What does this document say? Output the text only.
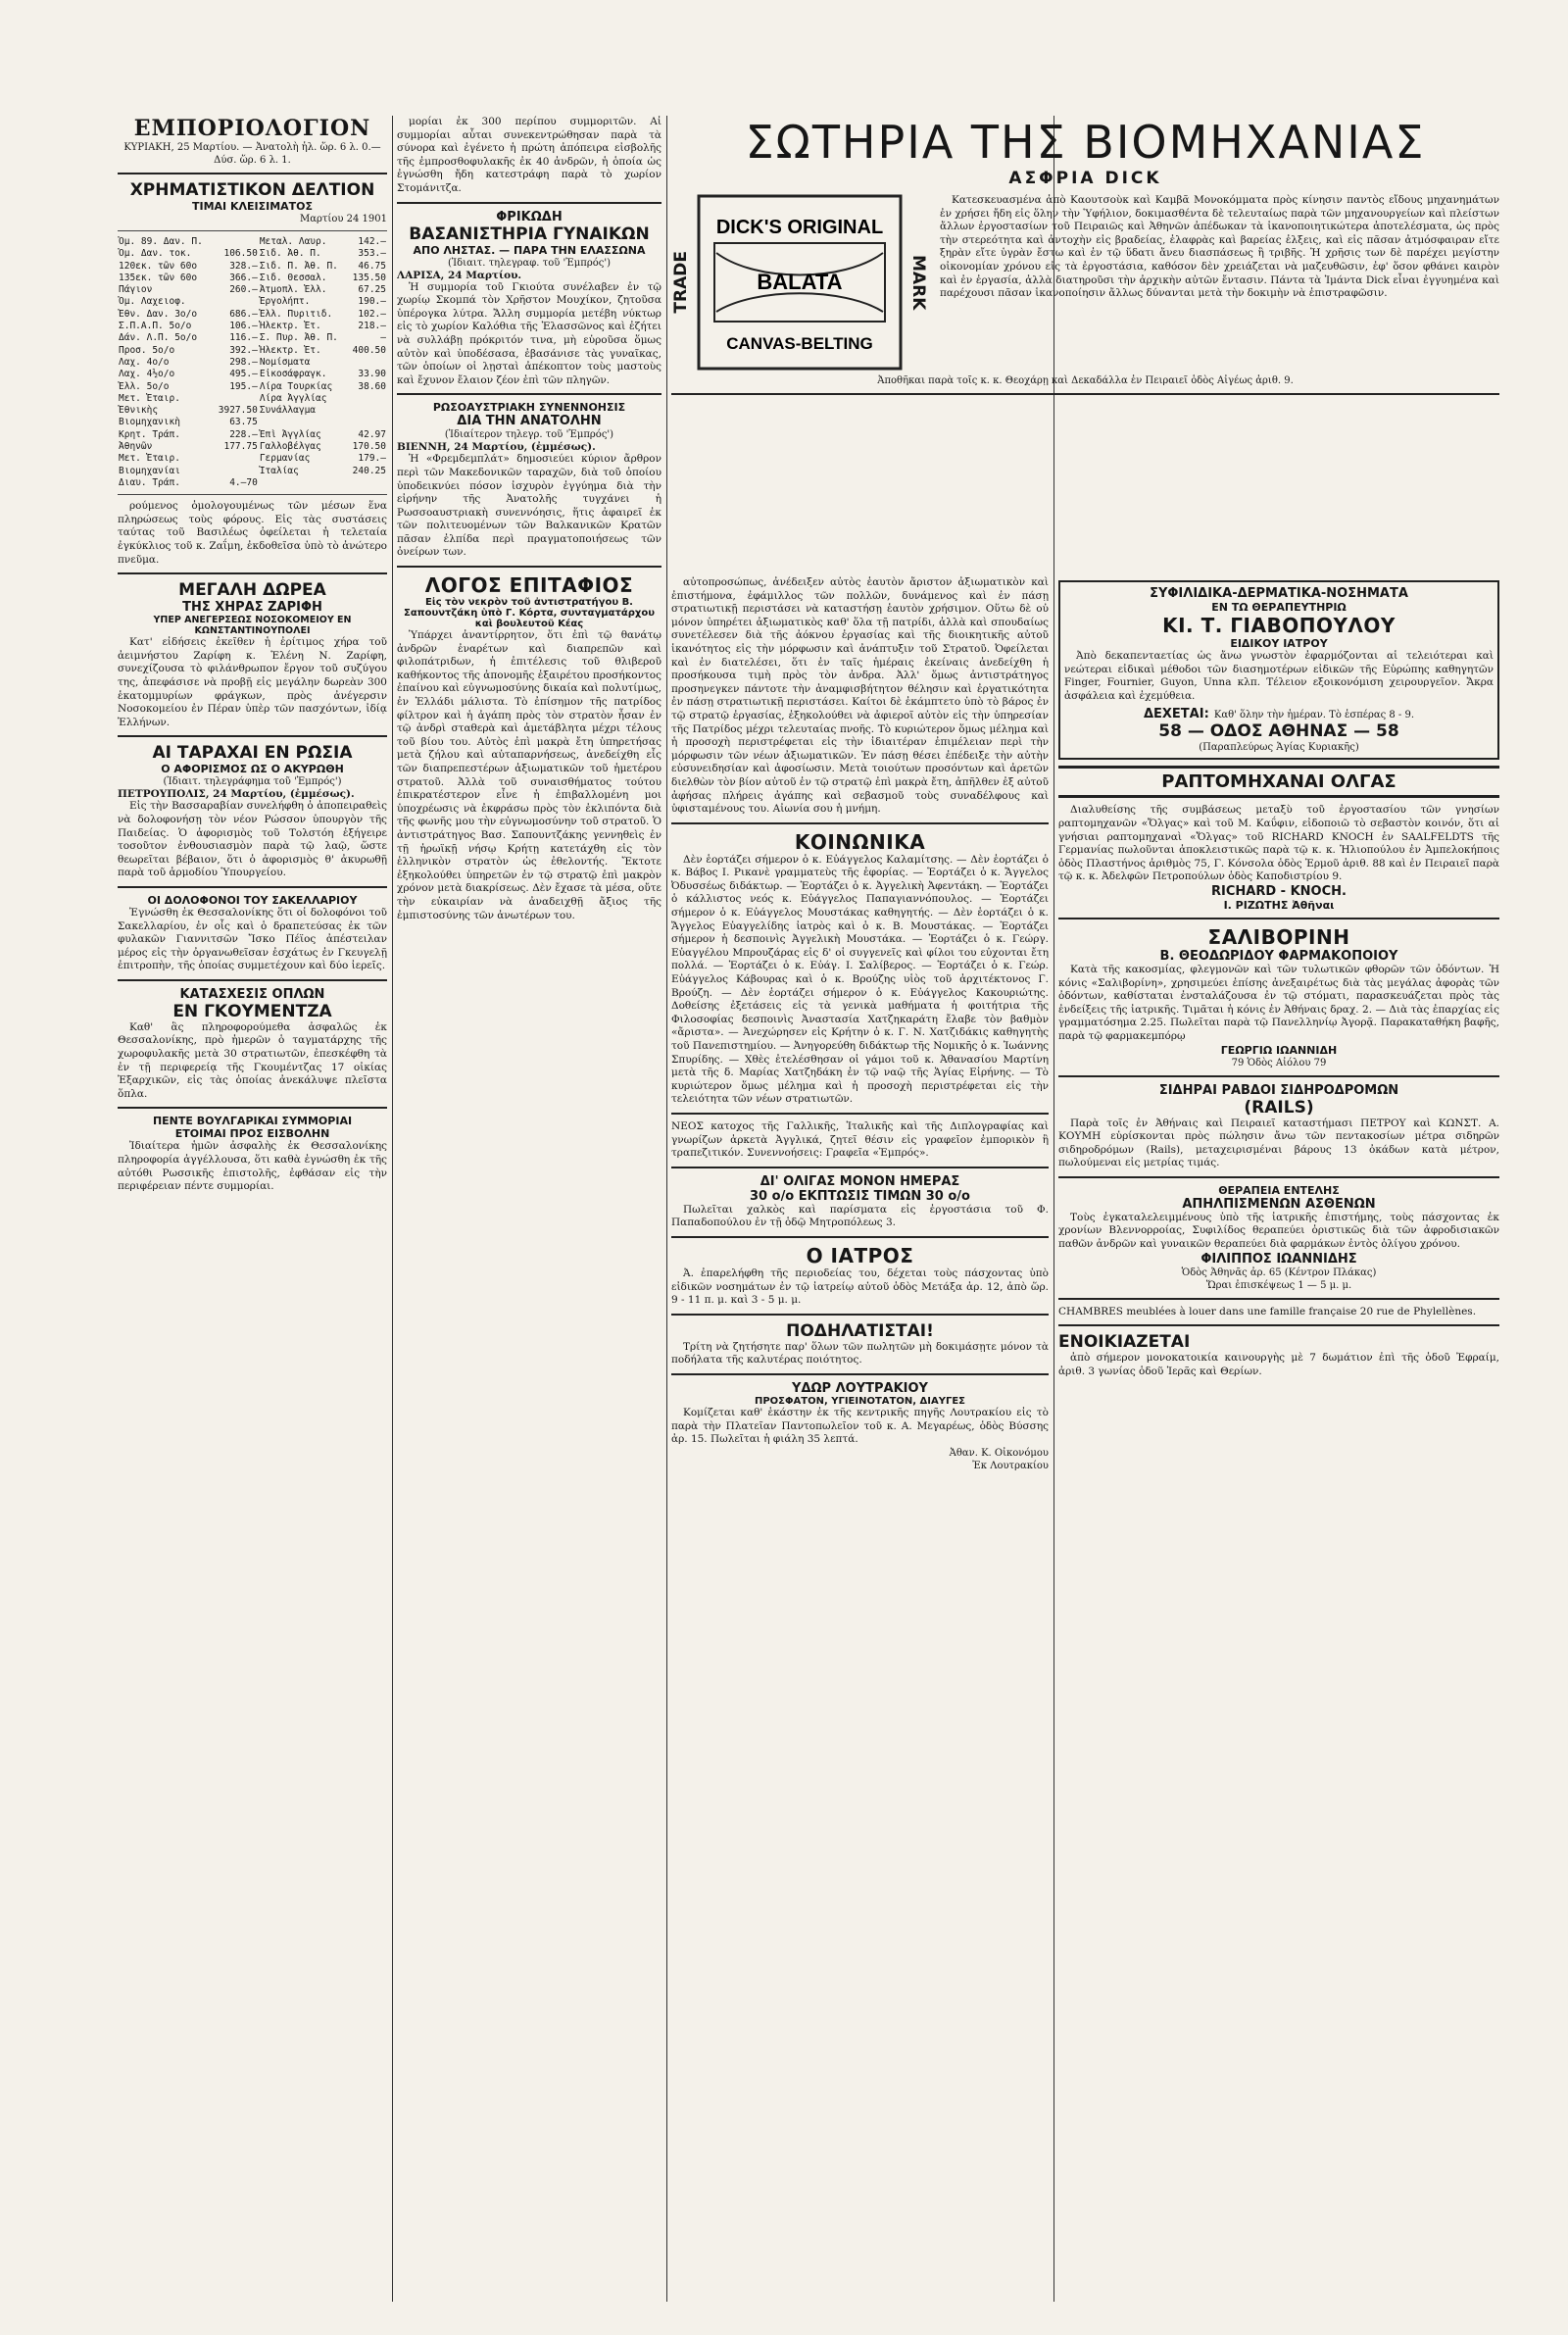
ΕΜΠΟΡΙΟΛΟΓΙΟΝ
ΚΥΡΙΑΚΗ, 25 Μαρτίου. — Ἀνατολὴ ἡλ. ὥρ. 6 λ. 0.—Δύσ. ὥρ. 6 λ. 1.
ΧΡΗΜΑΤΙΣΤΙΚΟΝ ΔΕΛΤΙΟΝ
ΤΙΜΑΙ ΚΛΕΙΣΙΜΑΤΟΣ
Μαρτίου 24 1901
Ὁμ. 89. Δαν. Π.		Μεταλ. Λαυρ.	142.—
Ὁμ. Δαν. τοκ.	106.50	Σιδ. Ἀθ. Π.	353.—
120εκ. τῶν 60ο	328.—	Σιδ. Π. Ἀθ. Π.	46.75
135εκ. τῶν 60ο	366.—	Σιδ. Θεσσαλ.	135.50
Πάγιον	260.—	Ἀτμοπλ. Ἑλλ.	67.25
Ὁμ. Λαχειοφ.		Ἐργολήπτ.	190.—
Ἐθν. Δαν. 3ο/ο	686.—	Ἑλλ. Πυριτιδ.	102.—
Σ.Π.Α.Π. 5ο/ο	106.—	Ἠλεκτρ. Ἑτ.	218.—
Δάν. Λ.Π. 5ο/ο	116.—	Σ. Πυρ. Ἀθ. Π.	—
Προσ. 5ο/ο	392.—	Ἠλεκτρ. Ἑτ.	400.50
Λαχ. 4ο/ο	298.—	Νομίσματα	
Λαχ. 4½ο/ο	495.—	Εἰκοσάφραγκ.	33.90
Ἐλλ. 5ο/ο	195.—	Λίρα Τουρκίας	38.60
Μετ. Ἑταιρ.		Λίρα Ἀγγλίας	
Ἐθνικὴς	3927.50	Συνάλλαγμα	
Βιομηχανικὴ	63.75		
Κρητ. Τράπ.	228.—	Ἐπὶ Ἀγγλίας	42.97
Ἀθηνῶν	177.75	Γαλλοβέλγας	170.50
Μετ. Ἑταιρ.		Γερμανίας	179.—
Βιομηχανίαι		Ἰταλίας	240.25
Διαυ. Τράπ.	4.—70		

ρούμενος ὁμολογουμένως τῶν μέσων ἕνα πληρώσεως τοὺς φόρους. Εἰς τὰς συστάσεις ταύτας τοῦ Βασιλέως ὀφείλεται ἡ τελεταία ἐγκύκλιος τοῦ κ. Ζαΐμη, ἐκδοθεῖσα ὑπὸ τὸ ἀνώτερο πνεῦμα.

ΜΕΓΑΛΗ ΔΩΡΕΑ
ΤΗΣ ΧΗΡΑΣ ΖΑΡΙΦΗ
ΥΠΕΡ ΑΝΕΓΕΡΣΕΩΣ ΝΟΣΟΚΟΜΕΙΟΥ ΕΝ ΚΩΝΣΤΑΝΤΙΝΟΥΠΟΛΕΙ

Κατ' εἰδήσεις ἐκεῖθεν ἡ ἐρίτιμος χήρα τοῦ ἀειμνήστου Ζαρίφη κ. Ἑλένη Ν. Ζαρίφη, συνεχίζουσα τὸ φιλάνθρωπον ἔργον τοῦ συζύγου της, ἀπεφάσισε νὰ προβῇ εἰς μεγάλην δωρεὰν 300 ἑκατομμυρίων φράγκων, πρὸς ἀνέγερσιν Νοσοκομείου ἐν Πέραν ὑπὲρ τῶν πασχόντων, ἰδίᾳ Ἑλλήνων.

ΑΙ ΤΑΡΑΧΑΙ ΕΝ ΡΩΣΙΑ
Ο ΑΦΟΡΙΣΜΟΣ ΩΣ Ο ΑΚΥΡΩΘΗ
(Ἰδιαιτ. τηλεγράφημα τοῦ 'Ἐμπρός')
ΠΕΤΡΟΥΠΟΛΙΣ, 24 Μαρτίου, (ἐμμέσως).

Εἰς τὴν Βασσαραβίαν συνελήφθη ὁ ἀποπειραθεὶς νὰ δολοφονήσῃ τὸν νέον Ρώσσον ὑπουργὸν τῆς Παιδείας. Ὁ ἀφορισμὸς τοῦ Τολστόη ἐξήγειρε τοσοῦτον ἐνθουσιασμὸν παρὰ τῷ λαῷ, ὥστε θεωρεῖται βέβαιον, ὅτι ὁ ἀφορισμὸς θ' ἀκυρωθῇ παρὰ τοῦ ἁρμοδίου Ὑπουργείου.

ΟΙ ΔΟΛΟΦΟΝΟΙ ΤΟΥ ΣΑΚΕΛΛΑΡΙΟΥ

Ἐγνώσθη ἐκ Θεσσαλονίκης ὅτι οἱ δολοφόνοι τοῦ Σακελλαρίου, ἐν οἷς καὶ ὁ δραπετεύσας ἐκ τῶν φυλακῶν Γιαννιτσῶν Ἴσκο Πέϊος ἀπέστειλαν μέρος εἰς τὴν ὀργανωθεῖσαν ἐσχάτως ἐν Γκευγελῇ ἐπιτροπὴν, τῆς ὁποίας συμμετέχουν καὶ δύο ἱερεῖς.

ΚΑΤΑΣΧΕΣΙΣ ΟΠΛΩΝ
ΕΝ ΓΚΟΥΜΕΝΤΖΑ

Καθ' ἃς πληροφορούμεθα ἀσφαλῶς ἐκ Θεσσαλονίκης, πρὸ ἡμερῶν ὁ ταγματάρχης τῆς χωροφυλακῆς μετὰ 30 στρατιωτῶν, ἐπεσκέφθη τὰ ἐν τῇ περιφερείᾳ τῆς Γκουμέντζας 17 οἰκίας Ἐξαρχικῶν, εἰς τὰς ὁποίας ἀνεκάλυψε πλεῖστα ὅπλα.

ΠΕΝΤΕ ΒΟΥΛΓΑΡΙΚΑΙ ΣΥΜΜΟΡΙΑΙ
ΕΤΟΙΜΑΙ ΠΡΟΣ ΕΙΣΒΟΛΗΝ

Ἰδιαίτερα ἡμῶν ἀσφαλὴς ἐκ Θεσσαλονίκης πληροφορία ἀγγέλλουσα, ὅτι καθὰ ἐγνώσθη ἐκ τῆς αὐτόθι Ρωσσικῆς ἐπιστολῆς, ἐφθάσαν εἰς τὴν περιφέρειαν πέντε συμμορίαι.

μορίαι ἐκ 300 περίπου συμμοριτῶν. Αἱ συμμορίαι αὗται συνεκεντρώθησαν παρὰ τὰ σύνορα καὶ ἐγένετο ἡ πρώτη ἀπόπειρα εἰσβολῆς τῆς ἐμπροσθοφυλακῆς ἐκ 40 ἀνδρῶν, ἡ ὁποία ὡς ἐγνώσθη ἤδη κατεστράφη παρὰ τὸ χωρίον Στομάνιτζα.

ΦΡΙΚΩΔΗ
ΒΑΣΑΝΙΣΤΗΡΙΑ ΓΥΝΑΙΚΩΝ
ΑΠΟ ΛΗΣΤΑΣ. — ΠΑΡΑ ΤΗΝ ΕΛΑΣΣΩΝΑ
(Ἰδιαιτ. τηλεγραφ. τοῦ 'Ἐμπρός')
ΛΑΡΙΣΑ, 24 Μαρτίου.

Ἡ συμμορία τοῦ Γκιούτα συνέλαβεν ἐν τῷ χωρίῳ Σκομπά τὸν Χρῆστον Μουχίκον, ζητοῦσα ὑπέρογκα λύτρα. Ἄλλη συμμορία μετέβη νύκτωρ εἰς τὸ χωρίον Καλόθια τῆς Ἐλασσῶνος καὶ ἐζήτει νὰ συλλάβῃ πρόκριτόν τινα, μὴ εὑροῦσα ὅμως αὐτὸν καὶ ὑποδέσασα, ἐβασάνισε τὰς γυναῖκας, τῶν ὁποίων οἱ λῃσταὶ ἀπέκοπτον τοὺς μαστοὺς καὶ ἔχυνον ἔλαιον ζέον ἐπὶ τῶν πληγῶν.

ΡΩΣΟΑΥΣΤΡΙΑΚΗ ΣΥΝΕΝΝΟΗΣΙΣ
ΔΙΑ ΤΗΝ ΑΝΑΤΟΛΗΝ
(Ἰδιαίτερον τηλεγρ. τοῦ 'Ἐμπρός')
ΒΙΕΝΝΗ, 24 Μαρτίου, (ἐμμέσως).

Ἡ «Φρεμδεμπλάτ» δημοσιεύει κύριον ἄρθρον περὶ τῶν Μακεδονικῶν ταραχῶν, διὰ τοῦ ὁποίου ὑποδεικνύει πόσον ἰσχυρὸν ἐγγύημα διὰ τὴν εἰρήνην τῆς Ἀνατολῆς τυγχάνει ἡ Ρωσσοαυστριακὴ συνεννόησις, ἥτις ἀφαιρεῖ ἐκ τῶν πολιτευομένων τῶν Βαλκανικῶν Κρατῶν πᾶσαν ἐλπίδα περὶ πραγματοποιήσεως τῶν ὀνείρων των.

ΛΟΓΟΣ ΕΠΙΤΑΦΙΟΣ
Εἰς τὸν νεκρὸν τοῦ ἀντιστρατήγου Β. Σαπουντζάκη ὑπὸ Γ. Κόρτα, συνταγματάρχου καὶ βουλευτοῦ Κέας

Ὑπάρχει ἀναντίρρητον, ὅτι ἐπὶ τῷ θανάτῳ ἀνδρῶν ἐναρέτων καὶ διαπρεπῶν καὶ φιλοπάτριδων, ἡ ἐπιτέλεσις τοῦ θλιβεροῦ καθήκοντος τῆς ἀπονομῆς ἐξαιρέτου προσήκοντος ἐπαίνου καὶ εὐγνωμοσύνης δικαία καὶ πολυτίμως, ἐν Ἑλλάδι μάλιστα. Τὸ ἐπίσημον τῆς πατρίδος φίλτρον καὶ ἡ ἀγάπη πρὸς τὸν στρατὸν ἦσαν ἐν τῷ ἀνδρὶ σταθερὰ καὶ ἀμετάβλητα μέχρι τέλους τοῦ βίου του. Αὐτὸς ἐπὶ μακρὰ ἔτη ὑπηρετήσας μετὰ ζήλου καὶ αὐταπαρνήσεως, ἀνεδείχθη εἷς τῶν διαπρεπεστέρων ἀξιωματικῶν τοῦ ἡμετέρου στρατοῦ. Ἀλλὰ τοῦ συναισθήματος τούτου ἐπικρατέστερον εἶνε ἡ ἐπιβαλλομένη μοι ὑποχρέωσις νὰ ἐκφράσω πρὸς τὸν ἐκλιπόντα διὰ τῆς φωνῆς μου τὴν εὐγνωμοσύνην τοῦ στρατοῦ. Ὁ ἀντιστράτηγος Βασ. Σαπουντζάκης γεννηθεὶς ἐν τῇ ἡρωϊκῇ νήσῳ Κρήτῃ κατετάχθη εἰς τὸν ἑλληνικὸν στρατὸν ὡς ἐθελοντής. Ἔκτοτε ἐξηκολούθει ὑπηρετῶν ἐν τῷ στρατῷ ἐπὶ μακρὸν χρόνον μετὰ διακρίσεως. Δὲν ἔχασε τὰ μέσα, οὔτε τὴν εὐκαιρίαν νὰ ἀναδειχθῇ ἄξιος τῆς ἐμπιστοσύνης τῶν ἀνωτέρων του.

αὐτοπροσώπως, ἀνέδειξεν αὐτὸς ἑαυτὸν ἄριστον ἀξιωματικὸν καὶ ἐπιστήμονα, ἐφάμιλλος τῶν πολλῶν, δυνάμενος καὶ ἐν πάσῃ στρατιωτικῇ περιστάσει νὰ καταστήσῃ ἑαυτὸν χρήσιμον. Οὕτω δὲ οὐ μόνον ὑπηρέτει ἀξιωματικὸς καθ' ὅλα τῇ πατρίδι, ἀλλὰ καὶ σπουδαίως συνετέλεσεν διὰ τῆς ἀόκνου ἐργασίας καὶ τῆς διοικητικῆς αὐτοῦ ἱκανότητος εἰς τὴν μόρφωσιν καὶ ἀνάπτυξιν τοῦ Στρατοῦ. Ὀφείλεται καὶ ἐν διατελέσει, ὅτι ἐν ταῖς ἡμέραις ἐκείναις ἀνεδείχθη ἡ προσήκουσα τιμὴ πρὸς τὸν ἀνδρα. Ἀλλ' ὅμως ἀντιστράτηγος προσηνεγκεν πάντοτε τὴν ἀναμφισβήτητον θέλησιν καὶ ἐργατικότητα ἐν πάσῃ στρατιωτικῇ περιστάσει. Καίτοι δὲ ἐκάμπτετο ὑπὸ τὸ βάρος ἐν τῷ στρατῷ ἐργασίας, ἐξηκολούθει νὰ ἀφιεροῖ αὐτὸν εἰς τὴν ὑπηρεσίαν τῆς Πατρίδος μέχρι τελευταίας πνοῆς. Τὸ κυριώτερον ὅμως μέλημα καὶ ἡ προσοχὴ περιστρέφεται εἰς τὴν ἰδιαιτέραν ἐπιμέλειαν περὶ τὴν μόρφωσιν τῶν νέων ἀξιωματικῶν. Ἐν πάσῃ θέσει ἐπέδειξε τὴν αὐτὴν εὐσυνειδησίαν καὶ ἀφοσίωσιν. Μετὰ τοιούτων προσόντων καὶ ἀρετῶν διελθὼν τὸν βίον αὐτοῦ ἐν τῷ στρατῷ ἐπὶ μακρὰ ἔτη, ἀπῆλθεν ἐξ αὐτοῦ ἀφήσας πλήρεις ἀγάπης καὶ σεβασμοῦ τοὺς συναδέλφους καὶ ὑφισταμένους του. Αἰωνία σου ἡ μνήμη.

ΚΟΙΝΩΝΙΚΑ

Δὲν ἑορτάζει σήμερον ὁ κ. Εὐάγγελος Καλαμίτσης. — Δὲν ἑορτάζει ὁ κ. Βάβος Ι. Ρικανὲ γραμματεὺς τῆς ἐφορίας. — Ἑορτάζει ὁ κ. Ἄγγελος Ὀδυσσέως διδάκτωρ. — Ἑορτάζει ὁ κ. Ἀγγελικὴ Ἀφεντάκη. — Ἑορτάζει ὁ κάλλιστος νεός κ. Εὐάγγελος Παπαγιαννόπουλος. — Ἑορτάζει σήμερον ὁ κ. Εὐάγγελος Μουστάκας καθηγητής. — Δὲν ἑορτάζει ὁ κ. Ἄγγελος Εὐαγγελίδης ἰατρὸς καὶ ὁ κ. Β. Μουστάκας. — Ἑορτάζει σήμερον ἡ δεσποινὶς Ἀγγελικὴ Μουστάκα. — Ἑορτάζει ὁ κ. Γεώργ. Εὐαγγέλου Μπρουζάρας εἰς δ' οἱ συγγενεῖς καὶ φίλοι του εὐχονται ἔτη πολλά. — Ἑορτάζει ὁ κ. Εὐάγ. Ι. Σαλίβερος. — Ἑορτάζει ὁ κ. Γεώρ. Εὐάγγελος Κάβουρας καὶ ὁ κ. Βρούζης υἱὸς τοῦ ἀρχιτέκτονος Γ. Βρούζη. — Δὲν ἑορτάζει σήμερον ὁ κ. Εὐάγγελος Κακουριώτης. Δοθείσης ἐξετάσεις εἰς τὰ γενικὰ μαθήματα ἡ φοιτήτρια τῆς Φιλοσοφίας δεσποινὶς Ἀναστασία Χατζηκαράτη ἔλαβε τὸν βαθμὸν «ἄριστα». — Ἀνεχώρησεν εἰς Κρήτην ὁ κ. Γ. Ν. Χατζιδάκις καθηγητὴς τοῦ Πανεπιστημίου. — Ἀνηγορεύθη διδάκτωρ τῆς Νομικῆς ὁ κ. Ἰωάννης Σπυρίδης. — Χθὲς ἐτελέσθησαν οἱ γάμοι τοῦ κ. Ἀθανασίου Μαρτίνη μετὰ τῆς δ. Μαρίας Χατζηδάκη ἐν τῷ ναῷ τῆς Ἁγίας Εἰρήνης. — Τὸ κυριώτερον ὅμως μέλημα καὶ ἡ προσοχὴ περιστρέφεται εἰς τὴν τελειότητα τῶν νέων στρατιωτῶν.

ΝΕΟΣ κατοχος τῆς Γαλλικῆς, Ἰταλικῆς καὶ τῆς Διπλογραφίας καὶ γνωρίζων ἀρκετὰ Ἀγγλικά, ζητεῖ θέσιν εἰς γραφεῖον ἐμπορικὸν ἢ τραπεζιτικόν. Συνεννοήσεις: Γραφεῖα «Ἐμπρός».

ΔΙ' ΟΛΙΓΑΣ ΜΟΝΟΝ ΗΜΕΡΑΣ
30 ο/ο ΕΚΠΤΩΣΙΣ ΤΙΜΩΝ 30 ο/ο

Πωλεῖται χαλκὸς καὶ παρίσματα εἰς ἐργοστάσια τοῦ Φ. Παπαδοπούλου ἐν τῇ ὁδῷ Μητροπόλεως 3.

Ο ΙΑΤΡΟΣ

Ἀ. ἐπαρελήφθη τῆς περιοδείας του, δέχεται τοὺς πάσχοντας ὑπὸ εἰδικῶν νοσημάτων ἐν τῷ ἰατρείῳ αὐτοῦ ὁδὸς Μετάξα ἀρ. 12, ἀπὸ ὥρ. 9 - 11 π. μ. καὶ 3 - 5 μ. μ.

ΠΟΔΗΛΑΤΙΣΤΑΙ!

Τρίτη νὰ ζητήσητε παρ' ὅλων τῶν πωλητῶν μὴ δοκιμάσῃτε μόνον τὰ ποδήλατα τῆς καλυτέρας ποιότητος.

ΥΔΩΡ ΛΟΥΤΡΑΚΙΟΥ
ΠΡΟΣΦΑΤΟΝ, ΥΓΙΕΙΝΟΤΑΤΟΝ, ΔΙΑΥΓΕΣ

Κομίζεται καθ' ἑκάστην ἐκ τῆς κεντρικῆς πηγῆς Λουτρακίου εἰς τὸ παρὰ τὴν Πλατεῖαν Παντοπωλεῖον τοῦ κ. Α. Μεγαρέως, ὁδὸς Βύσσης ἀρ. 15. Πωλεῖται ἡ φιάλη 35 λεπτά.

Ἀθαν. Κ. Οἰκονόμου
Ἐκ Λουτρακίου
ΣΩΤΗΡΙΑ ΤΗΣ ΒΙΟΜΗΧΑΝΙΑΣ
ΑΣΦΡΙΑ DICK
TRADE
DICK'S ORIGINAL
BALATA
CANVAS-BELTING
MARK

Κατεσκευασμένα ἀπὸ Καουτσοὺκ καὶ Καμβᾶ Μονοκόμματα πρὸς κίνησιν παντὸς εἴδους μηχανημάτων ἐν χρήσει ἤδη εἰς ὅλην τὴν Ὑφήλιον, δοκιμασθέντα δὲ τελευταίως παρὰ τῶν μηχανουργείων καὶ πλείστων ἄλλων ἐργοστασίων τοῦ Πειραιῶς καὶ Ἀθηνῶν ἀπέδωκαν τὰ ἱκανοποιητικώτερα ἀποτελέσματα, ὡς πρὸς τὴν στερεότητα καὶ ἀντοχὴν εἰς βραδείας, ἐλαφρὰς καὶ βαρείας ἐλξεις, καὶ εἰς πᾶσαν ἀτμόσφαιραν εἴτε ξηρὰν εἴτε ὑγρὰν ἔστω καὶ ἐν τῷ ὕδατι ἄνευ διασπάσεως ἢ τριβῆς. Ἡ χρῆσις των δὲ παρέχει μεγίστην οἰκονομίαν χρόνου εἰς τὰ ἐργοστάσια, καθόσον δὲν χρειάζεται νὰ μαζευθῶσιν, ἐφ' ὅσον φθάνει καιρὸν καὶ ἐν ἐργασία, ἀλλὰ διατηροῦσι τὴν ἀρχικὴν αὐτῶν ἔντασιν. Πάντα τὰ Ἱμάντα Dick εἶναι ἐγγυημένα καὶ παρέχουσι πᾶσαν ἱκανοποίησιν ἄλλως δύνανται μετὰ τὴν δοκιμὴν νὰ ἐπιστραφῶσιν.

Ἀποθῆκαι παρὰ τοῖς κ. κ. Θεοχάρῃ καὶ Δεκαδάλλα ἐν Πειραιεῖ ὁδὸς Αἰγέως ἀριθ. 9.
ΣΥΦΙΛΙΔΙΚΑ-ΔΕΡΜΑΤΙΚΑ-ΝΟΣΗΜΑΤΑ
ΕΝ ΤΩ ΘΕΡΑΠΕΥΤΗΡΙΩ
ΚΙ. Τ. ΓΙΑΒΟΠΟΥΛΟΥ
ΕΙΔΙΚΟΥ ΙΑΤΡΟΥ

Ἀπὸ δεκαπενταετίας ὡς ἄνω γνωστὸν ἐφαρμόζονται αἱ τελειότεραι καὶ νεώτεραι εἰδικαὶ μέθοδοι τῶν διασημοτέρων εἰδικῶν τῆς Εὐρώπης καθηγητῶν Finger, Fournier, Guyon, Unna κλπ. Τέλειον εξοικονόμιση χειρουργεῖον. Ἄκρα ἀσφάλεια καὶ ἐχεμύθεια.

ΔΕΧΕΤΑΙ: Καθ' ὅλην τὴν ἡμέραν. Τὸ ἑσπέρας 8 - 9.
58 — ΟΔΟΣ ΑΘΗΝΑΣ — 58
(Παραπλεύρως Ἁγίας Κυριακῆς)
ΡΑΠΤΟΜΗΧΑΝΑΙ ΟΛΓΑΣ

Διαλυθείσης τῆς συμβάσεως μεταξὺ τοῦ ἐργοστασίου τῶν γνησίων ραπτομηχανῶν «Ὄλγας» καὶ τοῦ Μ. Καΰφιν, εἰδοποιῶ τὸ σεβαστὸν κοινόν, ὅτι αἱ γνήσιαι ραπτομηχαναὶ «Ὄλγας» τοῦ RICHARD KNOCH ἐν SAALFELDTS τῆς Γερμανίας πωλοῦνται ἀποκλειστικῶς παρὰ τῷ κ. κ. Ἡλιοπούλου ἐν Ἀμπελοκήποις ὁδὸς Πλαστήνος ἀριθμὸς 75, Γ. Κόνσολα ὁδὸς Ἑρμοῦ ἀριθ. 88 καὶ ἐν Πειραιεῖ παρὰ τῷ κ. κ. Ἀδελφῶν Πετροπούλων ὁδὸς Καποδιστρίου 9.

RICHARD - KNOCH.
Ι. ΡΙΖΩΤΗΣ Ἀθῆναι
ΣΑΛΙΒΟΡΙΝΗ
Β. ΘΕΟΔΩΡΙΔΟΥ ΦΑΡΜΑΚΟΠΟΙΟΥ

Κατὰ τῆς κακοσμίας, φλεγμονῶν καὶ τῶν τυλωτικῶν φθορῶν τῶν ὀδόντων. Ἡ κόνις «Σαλιβορίνη», χρησιμεύει ἐπίσης ἀνεξαιρέτως διὰ τὰς μεγάλας ἀφορὰς τῶν ὀδόντων, καθίσταται ἐνσταλάζουσα ἐν τῷ στόματι, παρασκευάζεται πρὸς τὰς ἐνδείξεις τῆς ἰατρικῆς. Τιμᾶται ἡ κόνις ἐν Ἀθήναις δραχ. 2. — Διὰ τὰς ἐπαρχίας εἰς γραμματόσημα 2.25. Πωλεῖται παρὰ τῷ Πανελληνίῳ Ἀγορᾷ. Παρακαταθήκη βαφῆς, παρὰ τῷ φαρμακεμπόρῳ

ΓΕΩΡΓΙΩ ΙΩΑΝΝΙΔΗ
79 Ὁδὸς Αἰόλου 79
ΣΙΔΗΡΑΙ ΡΑΒΔΟΙ ΣΙΔΗΡΟΔΡΟΜΩΝ
(RAILS)

Παρὰ τοῖς ἐν Ἀθήναις καὶ Πειραιεῖ καταστήμασι ΠΕΤΡΟΥ καὶ ΚΩΝΣΤ. Α. ΚΟΥΜΗ εὑρίσκονται πρὸς πώλησιν ἄνω τῶν πεντακοσίων μέτρα σιδηρῶν σιδηροδρόμων (Rails), μεταχειρισμέναι βάρους 13 ὀκάδων κατὰ μέτρον, πωλούμεναι εἰς μετρίας τιμάς.

ΘΕΡΑΠΕΙΑ ΕΝΤΕΛΗΣ
ΑΠΗΛΠΙΣΜΕΝΩΝ ΑΣΘΕΝΩΝ

Τοὺς ἐγκαταλελειμμένους ὑπὸ τῆς ἰατρικῆς ἐπιστήμης, τοὺς πάσχοντας ἐκ χρονίων Βλεννορροίας, Συφιλίδος θεραπεύει ὁριστικῶς διὰ τῶν ἀφροδισιακῶν παθῶν ἀνδρῶν καὶ γυναικῶν θεραπεύει διὰ φαρμάκων ἐντὸς ὀλίγου χρόνου.

ΦΙΛΙΠΠΟΣ ΙΩΑΝΝΙΔΗΣ
Ὁδὸς Ἀθηνᾶς ἀρ. 65 (Κέντρον Πλάκας)
Ὥραι ἐπισκέψεως 1 — 5 μ. μ.

CHAMBRES meublées à louer dans une famille française 20 rue de Phylellènes.

ΕΝΟΙΚΙΑΖΕΤΑΙ

ἀπὸ σήμερον μονοκατοικία καινουργὴς μὲ 7 δωμάτιον ἐπὶ τῆς ὁδοῦ Ἐφραίμ, ἀριθ. 3 γωνίας ὁδοῦ Ἱερᾶς καὶ Θερίων.
